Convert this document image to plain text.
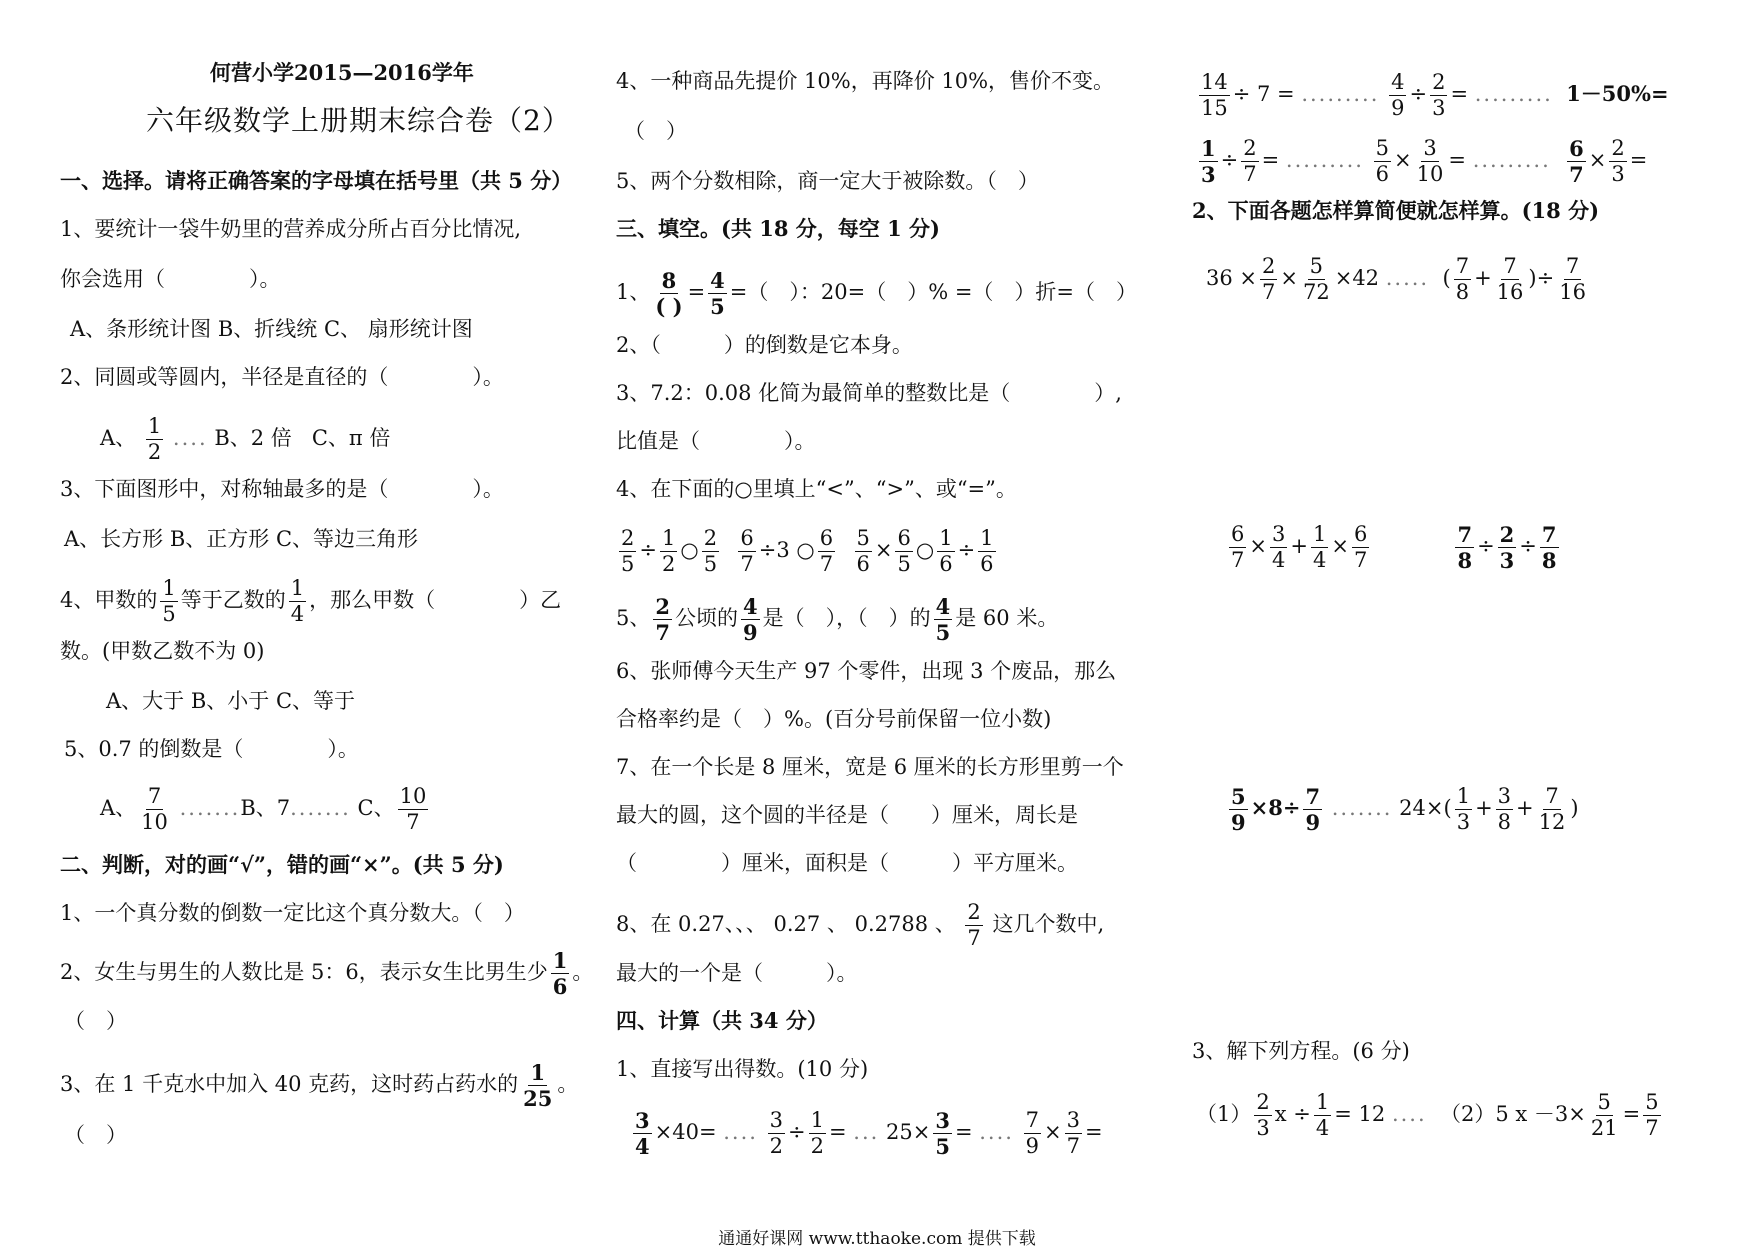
何营小学2015—2016学年
六年级数学上册期末综合卷（2）
一、选择。请将正确答案的字母填在括号里（共 5 分）
1、要统计一袋牛奶里的营养成分所占百分比情况,
你会选用（　　　　）。
A、条形统计图 B、折线统 C、 扇形统计图
2、同圆或等圆内，半径是直径的（　　　　）。
A、 $\frac{1}{2}$ .... B、2 倍 C、π 倍
3、下面图形中，对称轴最多的是（　　　　）。
A、长方形 B、正方形 C、等边三角形
4、甲数的 $\frac{1}{5}$ 等于乙数的 $\frac{1}{4}$ ，那么甲数（　　　　）乙
数。(甲数乙数不为 0)
A、大于 B、小于 C、等于
5、0.7 的倒数是（　　　　）。
A、 $\frac{7}{10} .......B$、7....... C、 $\frac{10}{7}$
二、判断，对的画“√”，错的画“×”。(共 5 分)
1、一个真分数的倒数一定比这个真分数大。（　）
2、女生与男生的人数比是 5：6，表示女生比男生少 $\frac{1}{6}$ 。
（　）
3、在 1 千克水中加入 40 克药，这时药占药水的 $\frac{1}{25}$ 。
（　）
4、一种商品先提价 10%，再降价 10%，售价不变。
（　）
5、两个分数相除，商一定大于被除数。（　）
三、填空。(共 18 分，每空 1 分)
1、 $\frac{8}{( )} = \frac{4}{5}$ =（　）：20=（　）% =（　）折=（　）
2、（　　　）的倒数是它本身。
3、7.2：0.08 化简为最简单的整数比是（　　　　）,
比值是（　　　　）。
4、在下面的○里填上“<”、“>”、或“=”。
$\frac{2}{5} \div \frac{1}{2}$ ○ $\frac{2}{5}$
$\frac{6}{7} \div 3$ ○ $\frac{6}{7}$
$\frac{5}{6} \times \frac{6}{5}$ ○ $\frac{1}{6} \div \frac{1}{6}$
5、 $\frac{2}{7}$ 公顷的 $\frac{4}{9}$ 是（　），（　）的 $\frac{4}{5}$ 是 60 米。
6、张师傅今天生产 97 个零件，出现 3 个废品，那么
合格率约是（　）%。(百分号前保留一位小数)
7、在一个长是 8 厘米，宽是 6 厘米的长方形里剪一个
最大的圆，这个圆的半径是（　　）厘米，周长是
（　　　　）厘米，面积是（　　　）平方厘米。
8、在 0.27、、、 0.27 、 0.2788 、 $\frac{2}{7}$ 这几个数中,
最大的一个是（　　　）。
四、计算（共 34 分）
1、直接写出得数。(10 分)
$\frac{3}{4} \times 40=$ .... $\frac{3}{2} \div \frac{1}{2}$ = ... $25\times \frac{3}{5}$ = .... $\frac{7}{9} \times \frac{3}{7}$ =
$\frac{14}{15} \div 7$ = ......... $\frac{4}{9} \div \frac{2}{3}$ = ......... 1－50%=
$\frac{1}{3} \div \frac{2}{7}$ = ......... $\frac{5}{6} \times \frac{3}{10}$ = ......... $\frac{6}{7} \times \frac{2}{3}$ =
2、下面各题怎样算简便就怎样算。(18 分)
$36 \times \frac{2}{7} \times \frac{5}{72} \times 42$ ..... ( $\frac{7}{8} + \frac{7}{16}$ )÷ $\frac{7}{16}$
$\frac{6}{7} \times \frac{3}{4} + \frac{1}{4} \times \frac{6}{7}$
	$\frac{7}{8} \div \frac{2}{3} \div \frac{7}{8}$
$\frac{5}{9} \times 8\div \frac{7}{9}$ ....... $24\times( \frac{1}{3} + \frac{3}{8} + \frac{7}{12}$ )
3、解下列方程。(6 分)
$(1) \frac{2}{3}$ $x \div \frac{1}{4} = 12$ .... （2）5 $x -3\times \frac{5}{21} = \frac{5}{7}$
通通好课网 www.tthaoke.com 提供下载
